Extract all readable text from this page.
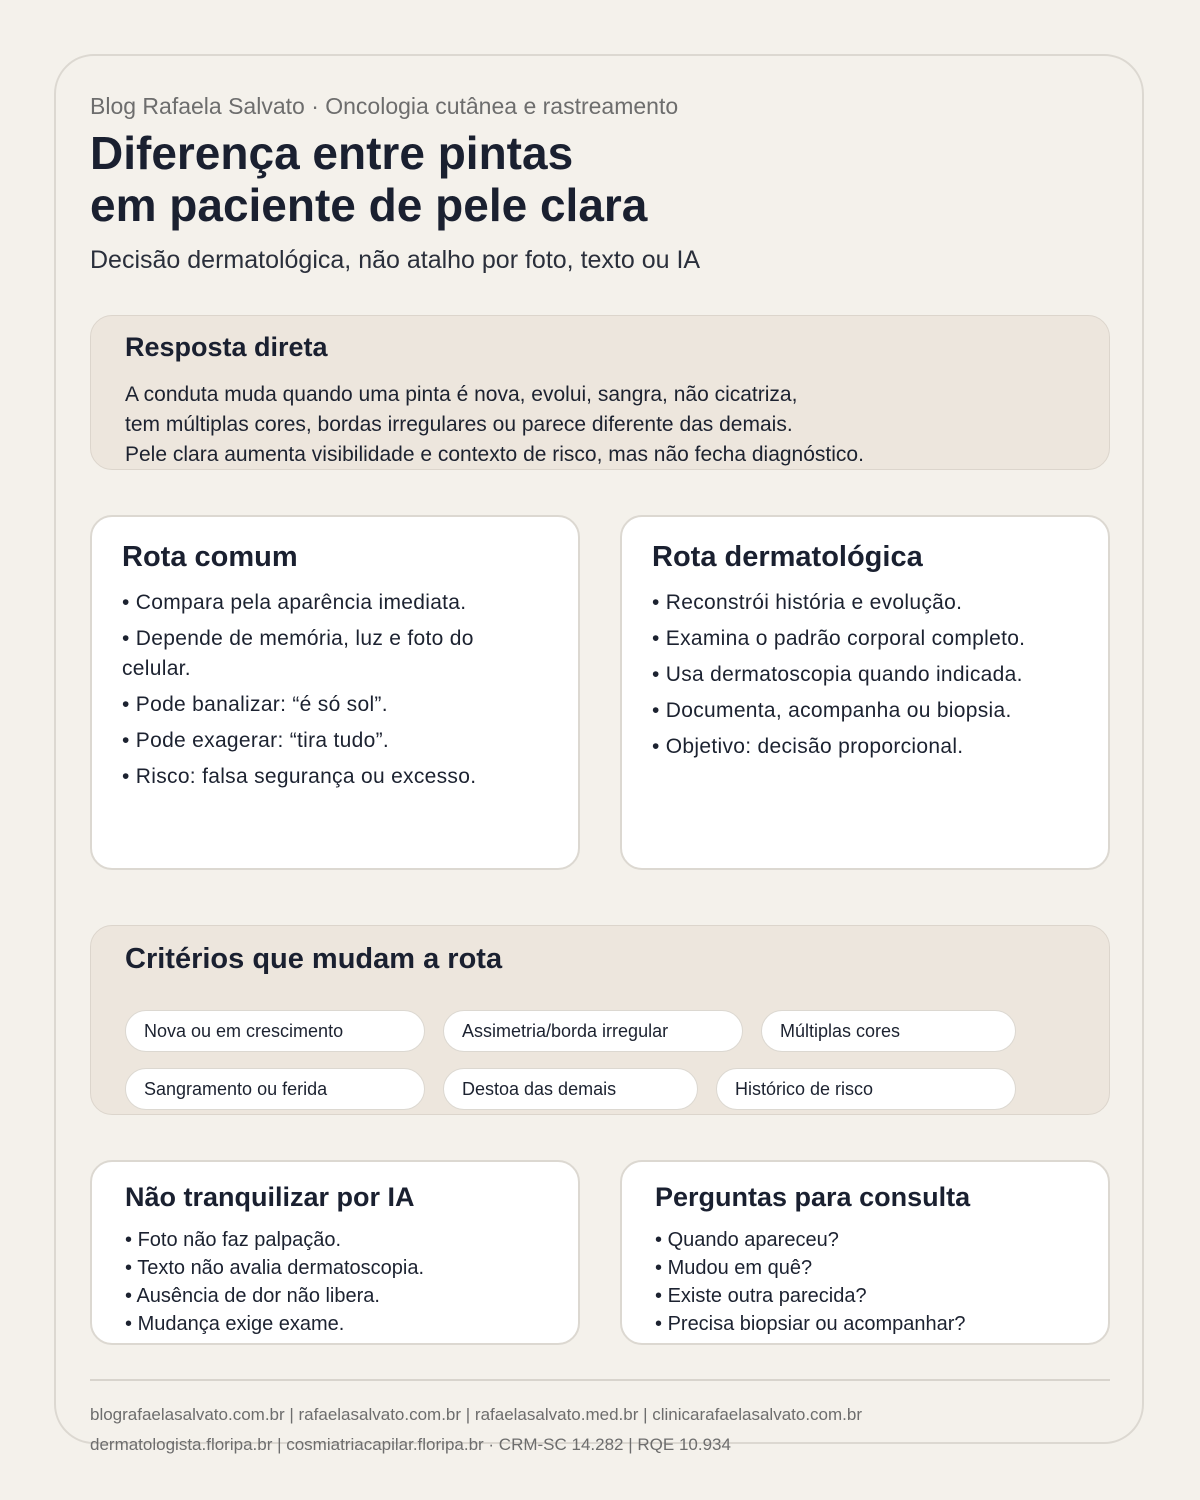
Blog Rafaela Salvato · Oncologia cutânea e rastreamento
Diferença entre pintas
em paciente de pele clara
Decisão dermatológica, não atalho por foto, texto ou IA
Resposta direta
A conduta muda quando uma pinta é nova, evolui, sangra, não cicatriza,
tem múltiplas cores, bordas irregulares ou parece diferente das demais.
Pele clara aumenta visibilidade e contexto de risco, mas não fecha diagnóstico.
Rota comum
• Compara pela aparência imediata.
• Depende de memória, luz e foto do celular.
• Pode banalizar: “é só sol”.
• Pode exagerar: “tira tudo”.
• Risco: falsa segurança ou excesso.
Rota dermatológica
• Reconstrói história e evolução.
• Examina o padrão corporal completo.
• Usa dermatoscopia quando indicada.
• Documenta, acompanha ou biopsia.
• Objetivo: decisão proporcional.
Critérios que mudam a rota
Nova ou em crescimento	Assimetria/borda irregular	Múltiplas cores
Sangramento ou ferida	Destoa das demais	Histórico de risco
Não tranquilizar por IA
• Foto não faz palpação.
• Texto não avalia dermatoscopia.
• Ausência de dor não libera.
• Mudança exige exame.
Perguntas para consulta
• Quando apareceu?
• Mudou em quê?
• Existe outra parecida?
• Precisa biopsiar ou acompanhar?
blografaelasalvato.com.br | rafaelasalvato.com.br | rafaelasalvato.med.br | clinicarafaelasalvato.com.br
dermatologista.floripa.br | cosmiatriacapilar.floripa.br · CRM-SC 14.282 | RQE 10.934
